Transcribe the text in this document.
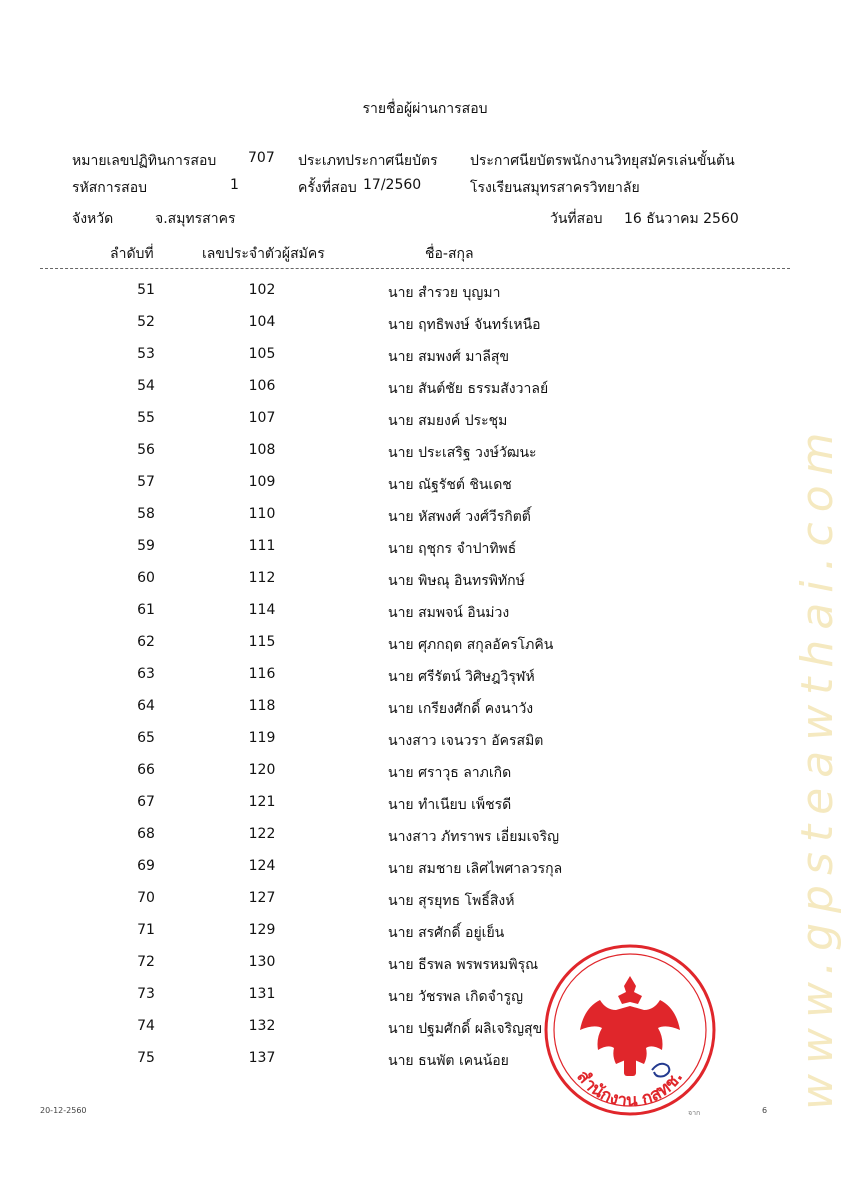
รายชื่อผู้ผ่านการสอบ
หมายเลขปฏิทินการสอบ 707 ประเภทประกาศนียบัตร ประกาศนียบัตรพนักงานวิทยุสมัครเล่นขั้นต้น
รหัสการสอบ	1	ครั้งที่สอบ 17/2560	โรงเรียนสมุทรสาครวิทยาลัย
จังหวัด	จ.สมุทรสาคร	วันที่สอบ 16 ธันวาคม 2560
ลำดับที่	เลขประจำตัวผู้สมัคร	ชื่อ-สกุล
51	102	นาย สำรวย บุญมา
52	104	นาย ฤทธิพงษ์ จันทร์เหนือ
53	105	นาย สมพงศ์ มาลีสุข
54	106	นาย สันต์ชัย ธรรมสังวาลย์
55	107	นาย สมยงค์ ประชุม
56	108	นาย ประเสริฐ วงษ์วัฒนะ
57	109	นาย ณัฐรัชต์ ชินเดช
58	110	นาย หัสพงศ์ วงศ์วีรกิตติ์
59	111	นาย ฤชุกร จำปาทิพธ์
60	112	นาย พิษณุ อินทรพิทักษ์
61	114	นาย สมพจน์ อินม่วง
62	115	นาย ศุภกฤต สกุลอัครโภคิน
63	116	นาย ศรีรัตน์ วิศิษฎวิรุฬห์
64	118	นาย เกรียงศักดิ์ คงนาวัง
65	119	นางสาว เจนวรา อัครสมิต
66	120	นาย ศราวุธ ลาภเกิด
67	121	นาย ทำเนียบ เพ็ชรดี
68	122	นางสาว ภัทราพร เอี่ยมเจริญ
69	124	นาย สมชาย เลิศไพศาลวรกุล
70	127	นาย สุรยุทธ โพธิ์สิงห์
71	129	นาย สรศักดิ์ อยู่เย็น
72	130	นาย ธีรพล พรพรหมพิรุณ
73	131	นาย วัชรพล เกิดจำรูญ
74	132	นาย ปฐมศักดิ์ ผลิเจริญสุข
75	137	นาย ธนพัต เคนน้อย	www.gpsteawthai.com
สำนักงาน กสทช.
20-12-2560	จาก	6
